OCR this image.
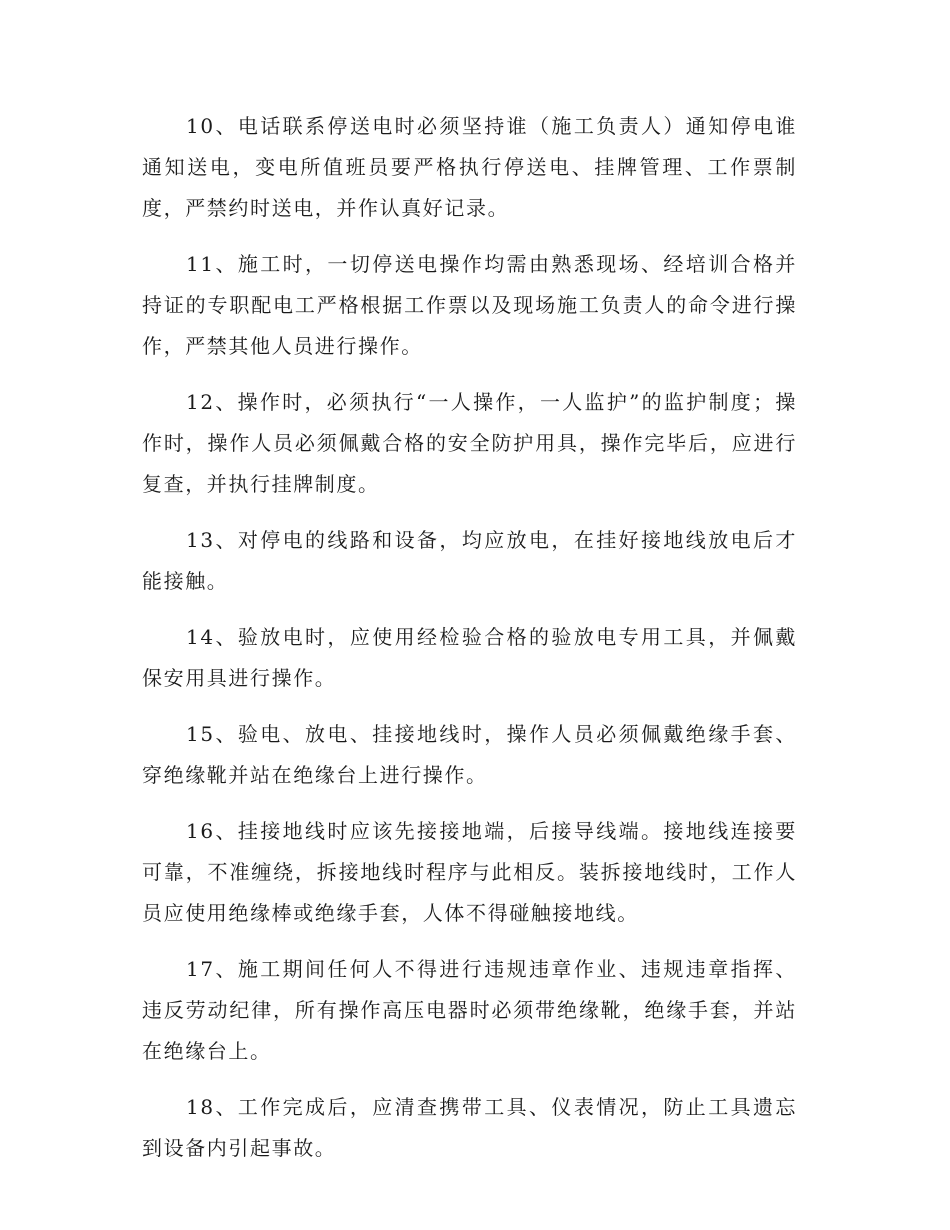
10、电话联系停送电时必须坚持谁（施工负责人）通知停电谁通知送电，变电所值班员要严格执行停送电、挂牌管理、工作票制度，严禁约时送电，并作认真好记录。

11、施工时，一切停送电操作均需由熟悉现场、经培训合格并持证的专职配电工严格根据工作票以及现场施工负责人的命令进行操作，严禁其他人员进行操作。

12、操作时，必须执行“一人操作，一人监护”的监护制度；操作时，操作人员必须佩戴合格的安全防护用具，操作完毕后，应进行复查，并执行挂牌制度。

13、对停电的线路和设备，均应放电，在挂好接地线放电后才能接触。

14、验放电时，应使用经检验合格的验放电专用工具，并佩戴保安用具进行操作。

15、验电、放电、挂接地线时，操作人员必须佩戴绝缘手套、穿绝缘靴并站在绝缘台上进行操作。

16、挂接地线时应该先接接地端，后接导线端。接地线连接要可靠，不准缠绕，拆接地线时程序与此相反。装拆接地线时，工作人员应使用绝缘棒或绝缘手套，人体不得碰触接地线。

17、施工期间任何人不得进行违规违章作业、违规违章指挥、违反劳动纪律，所有操作高压电器时必须带绝缘靴，绝缘手套，并站在绝缘台上。

18、工作完成后，应清查携带工具、仪表情况，防止工具遗忘到设备内引起事故。
